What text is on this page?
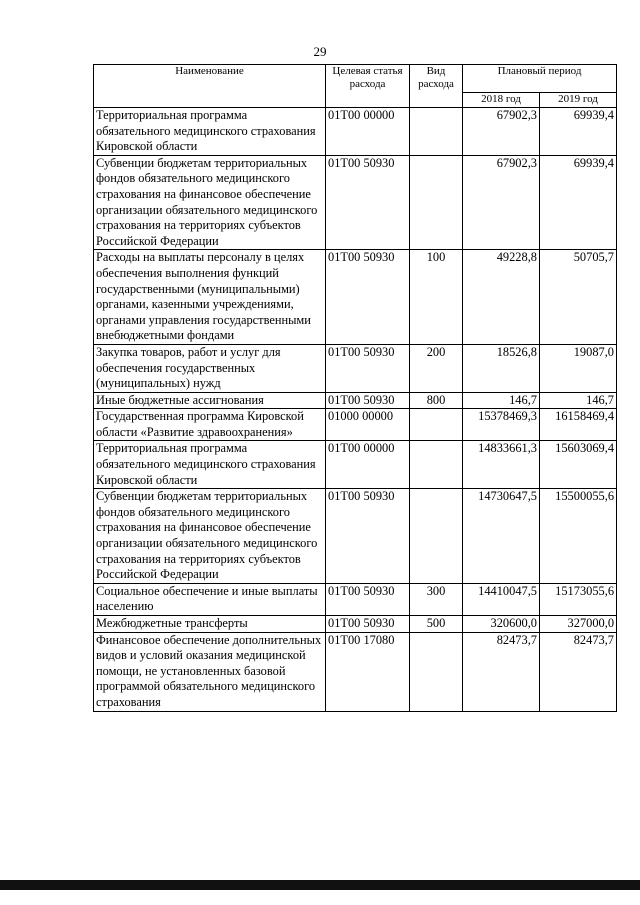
29
Наименование	Целевая статья расхода	Вид расхода	Плановый период	
			2018 год	2019 год
Территориальная программа обязательного медицинского страхования Кировской области	01Т00 00000		67902,3	69939,4
Субвенции бюджетам территориальных фондов обязательного медицинского страхования на финансовое обеспечение организации обязательного медицинского страхования на территориях субъектов Российской Федерации	01Т00 50930		67902,3	69939,4
Расходы на выплаты персоналу в целях обеспечения выполнения функций государственными (муниципальными) органами, казенными учреждениями, органами управления государственными внебюджетными фондами	01Т00 50930	100	49228,8	50705,7
Закупка товаров, работ и услуг для обеспечения государственных (муниципальных) нужд	01Т00 50930	200	18526,8	19087,0
Иные бюджетные ассигнования	01Т00 50930	800	146,7	146,7
Государственная программа Кировской области «Развитие здравоохранения»	01000 00000		15378469,3	16158469,4
Территориальная программа обязательного медицинского страхования Кировской области	01Т00 00000		14833661,3	15603069,4
Субвенции бюджетам территориальных фондов обязательного медицинского страхования на финансовое обеспечение организации обязательного медицинского страхования на территориях субъектов Российской Федерации	01Т00 50930		14730647,5	15500055,6
Социальное обеспечение и иные выплаты населению	01Т00 50930	300	14410047,5	15173055,6
Межбюджетные трансферты	01Т00 50930	500	320600,0	327000,0
Финансовое обеспечение дополнительных видов и условий оказания медицинской помощи, не установленных базовой программой обязательного медицинского страхования	01Т00 17080		82473,7	82473,7
